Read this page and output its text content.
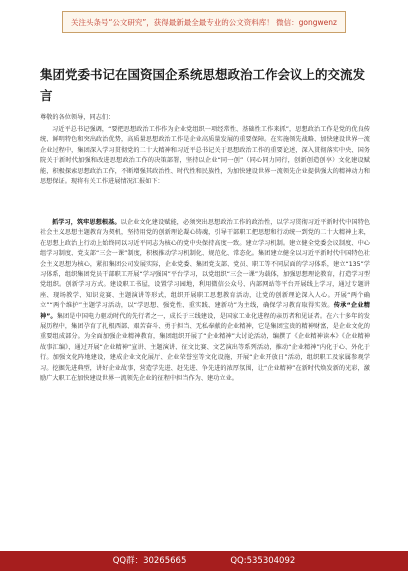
关注头条号“公文研究”，获得最新最全最专业的公文资料库！ 微信：gongwenz
集团党委书记在国资国企系统思想政治工作会议上的交流发言

尊敬的各位领导，同志们：

习近平总书记强调，“要把思想政治工作作为企业党组织一项经常性、基础性工作来抓”，思想政治工作是党的优良传统、鲜明特色和突出政治优势，高质量思想政治工作是企业高质量发展的重要保障。在实施领先战略、加快建设世界一流企业过程中，集团深入学习贯彻党的二十大精神和习近平总书记关于思想政治工作的重要论述，深入贯彻落实中央、国务院关于新时代加强和改进思想政治工作的决策部署，坚持以企业“同一创”（同心同力同行，创新创造创享）文化建设赋能，积极探索思想政治工作，不断增强其政治性、时代性和民族性，为加快建设世界一流领先企业提供强大的精神动力和思想保证。现将有关工作进展情况汇报如下：

抓学习，筑牢思想根基。以企业文化建设赋能，必须突出思想政治工作的政治性，以学习贯彻习近平新时代中国特色社会主义思想主题教育为契机，坚持用党的创新理论凝心铸魂，引导干部职工把思想和行动统一到党的二十大精神上来，在思想上政治上行动上始终同以习近平同志为核心的党中央保持高度一致。建立学习机制。建立健全党委会议制度、中心组学习制度、党支部“三会一课”制度，积极推动学习机制化、规范化、常态化。集团建立健全以习近平新时代中国特色社会主义思想为核心，紧扣集团公司发展实际，企业党委、集团党支部、党员、职工等不同层面的学习体系，建立“135”学习体系，组织集团党员干部职工开展“学习强国”平台学习，以党组织“三会一课”为载体，加强思想理论教育，打造学习型党组织。创新学习方式。建设职工书屋，设置学习园地，利用微信公众号、内部网站等平台开展线上学习，通过专题讲座、现场教学、知识竞赛、主题演讲等形式，组织开展职工思想教育活动，让党的创新理论深入人心。开展“两个确立”“两个维护”主题学习活动，以“学思想、强党性、重实践、建新功”为主线，确保学习教育取得实效。传承“企业精神”。集团是中国电力驱动时代的先行者之一，成长于三线建设，是国家工业化进程的亲历者和见证者。在六十多年的发展历程中，集团孕育了扎根西部、艰苦奋斗、勇于担当、无私奉献的企业精神，它是集团宝贵的精神财富，是企业文化的重要组成部分。为全面加强企业精神教育，集团组织开展了“企业精神”大讨论活动，编撰了《企业精神读本》《企业精神故事汇编》，通过开展“企业精神”宣讲、主题演讲、征文比赛、文艺演出等系列活动，推动“企业精神”内化于心、外化于行。加强文化阵地建设，建成企业文化展厅、企业荣誉室等文化设施，开展“企业开放日”活动，组织职工及家属参观学习。挖掘先进典型，讲好企业故事，营造学先进、赶先进、争先进的浓厚氛围，让“企业精神”在新时代焕发新的光彩，激励广大职工在加快建设世界一流领先企业的征程中担当作为、建功立业。

QQ群：30265665	QQ:535304092
